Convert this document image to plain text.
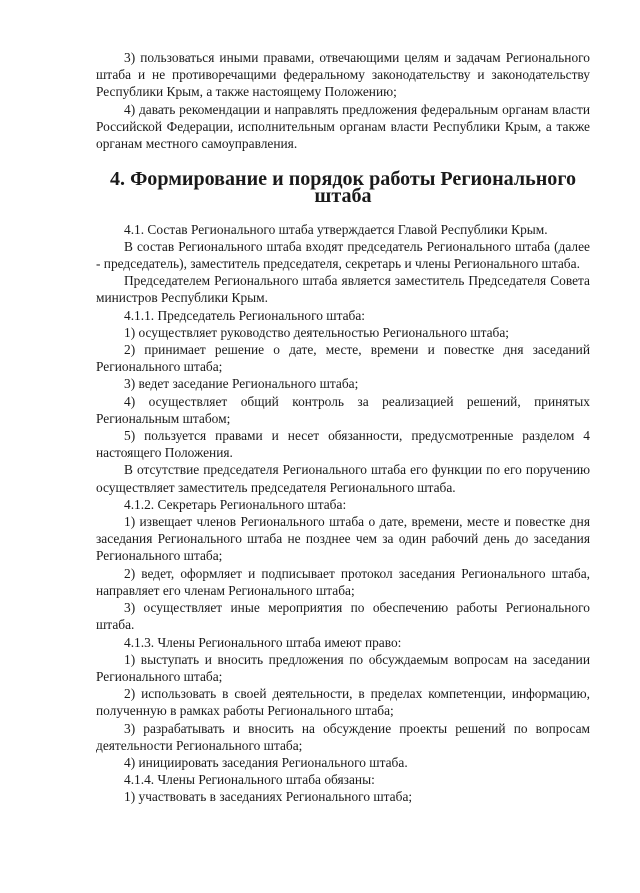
3) пользоваться иными правами, отвечающими целям и задачам Регионального штаба и не противоречащими федеральному законодательству и законодательству Республики Крым, а также настоящему Положению;

4) давать рекомендации и направлять предложения федеральным органам власти Российской Федерации, исполнительным органам власти Республики Крым, а также органам местного самоуправления.

4. Формирование и порядок работы Регионального штаба

4.1. Состав Регионального штаба утверждается Главой Республики Крым.

В состав Регионального штаба входят председатель Регионального штаба (далее - председатель), заместитель председателя, секретарь и члены Регионального штаба.

Председателем Регионального штаба является заместитель Председателя Совета министров Республики Крым.

4.1.1. Председатель Регионального штаба:

1) осуществляет руководство деятельностью Регионального штаба;

2) принимает решение о дате, месте, времени и повестке дня заседаний Регионального штаба;

3) ведет заседание Регионального штаба;

4) осуществляет общий контроль за реализацией решений, принятых Региональным штабом;

5) пользуется правами и несет обязанности, предусмотренные разделом 4 настоящего Положения.

В отсутствие председателя Регионального штаба его функции по его поручению осуществляет заместитель председателя Регионального штаба.

4.1.2. Секретарь Регионального штаба:

1) извещает членов Регионального штаба о дате, времени, месте и повестке дня заседания Регионального штаба не позднее чем за один рабочий день до заседания Регионального штаба;

2) ведет, оформляет и подписывает протокол заседания Регионального штаба, направляет его членам Регионального штаба;

3) осуществляет иные мероприятия по обеспечению работы Регионального штаба.

4.1.3. Члены Регионального штаба имеют право:

1) выступать и вносить предложения по обсуждаемым вопросам на заседании Регионального штаба;

2) использовать в своей деятельности, в пределах компетенции, информацию, полученную в рамках работы Регионального штаба;

3) разрабатывать и вносить на обсуждение проекты решений по вопросам деятельности Регионального штаба;

4) инициировать заседания Регионального штаба.

4.1.4. Члены Регионального штаба обязаны:

1) участвовать в заседаниях Регионального штаба;
